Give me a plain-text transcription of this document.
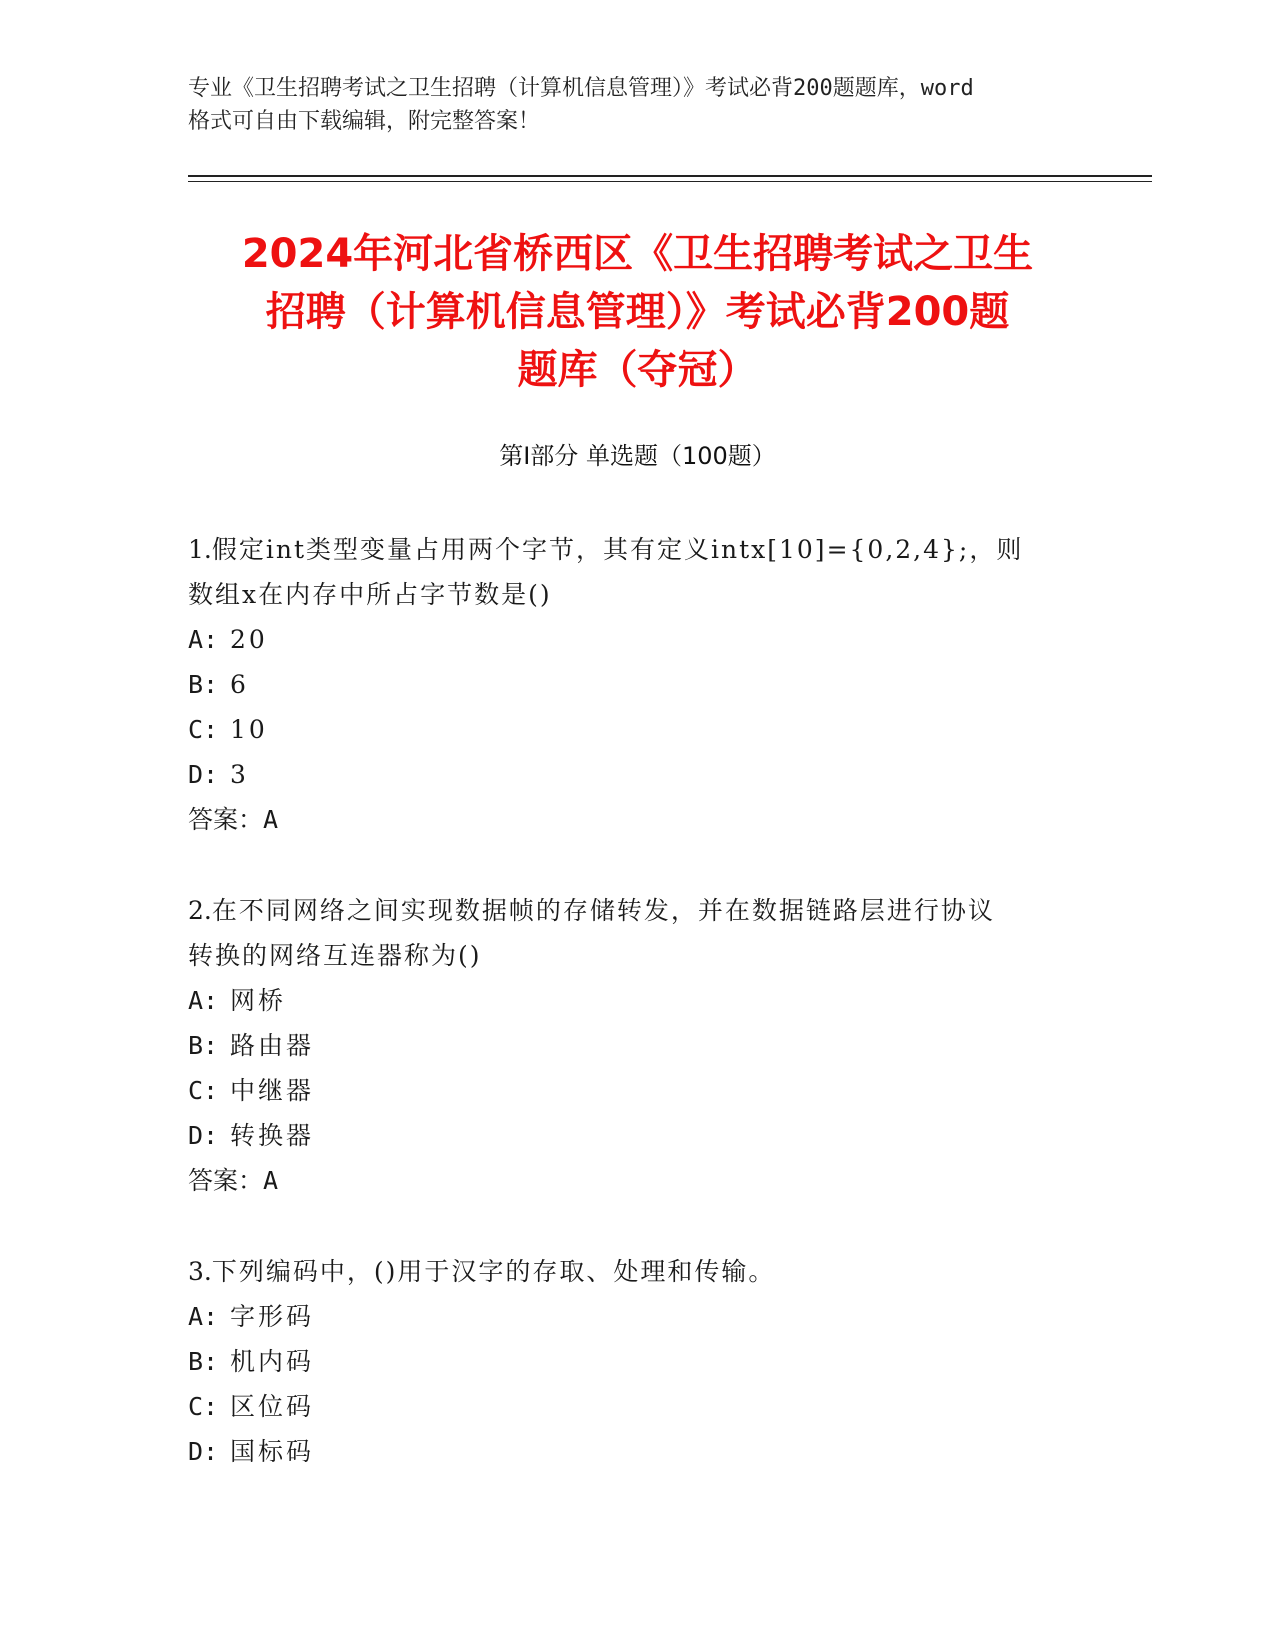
专业《卫生招聘考试之卫生招聘（计算机信息管理）》考试必背200题题库，word
格式可自由下载编辑，附完整答案！
2024年河北省桥西区《卫生招聘考试之卫生
招聘（计算机信息管理）》考试必背200题
题库（夺冠）
第Ⅰ部分 单选题（100题）
1.假定int类型变量占用两个字节，其有定义intx[10]={0,2,4};，则
数组x在内存中所占字节数是()
A: 20
B: 6
C: 10
D: 3
答案：A
2.在不同网络之间实现数据帧的存储转发，并在数据链路层进行协议
转换的网络互连器称为()
A: 网桥
B: 路由器
C: 中继器
D: 转换器
答案：A
3.下列编码中，()用于汉字的存取、处理和传输。
A: 字形码
B: 机内码
C: 区位码
D: 国标码
